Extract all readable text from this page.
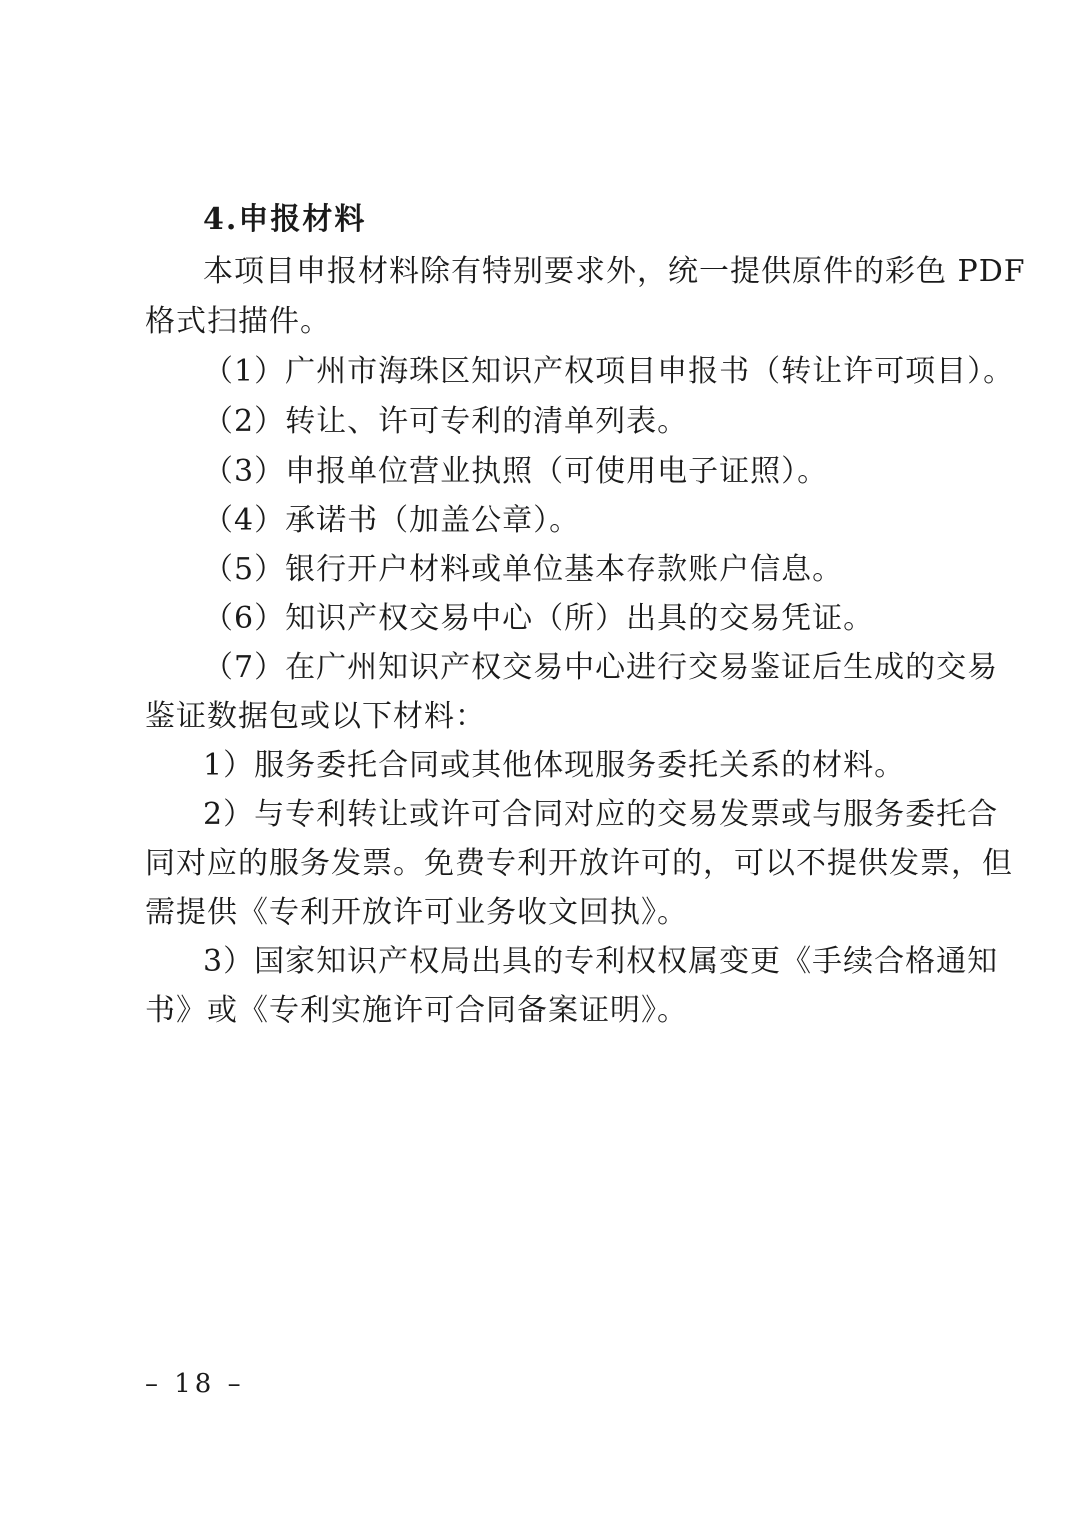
4.申报材料
本项目申报材料除有特别要求外，统一提供原件的彩色 PDF
格式扫描件。
（1）广州市海珠区知识产权项目申报书（转让许可项目）。
（2）转让、许可专利的清单列表。
（3）申报单位营业执照（可使用电子证照）。
（4）承诺书（加盖公章）。
（5）银行开户材料或单位基本存款账户信息。
（6）知识产权交易中心（所）出具的交易凭证。
（7）在广州知识产权交易中心进行交易鉴证后生成的交易
鉴证数据包或以下材料：
1）服务委托合同或其他体现服务委托关系的材料。
2）与专利转让或许可合同对应的交易发票或与服务委托合
同对应的服务发票。免费专利开放许可的，可以不提供发票，但
需提供《专利开放许可业务收文回执》。
3）国家知识产权局出具的专利权权属变更《手续合格通知
书》或《专利实施许可合同备案证明》。
– 18 –
